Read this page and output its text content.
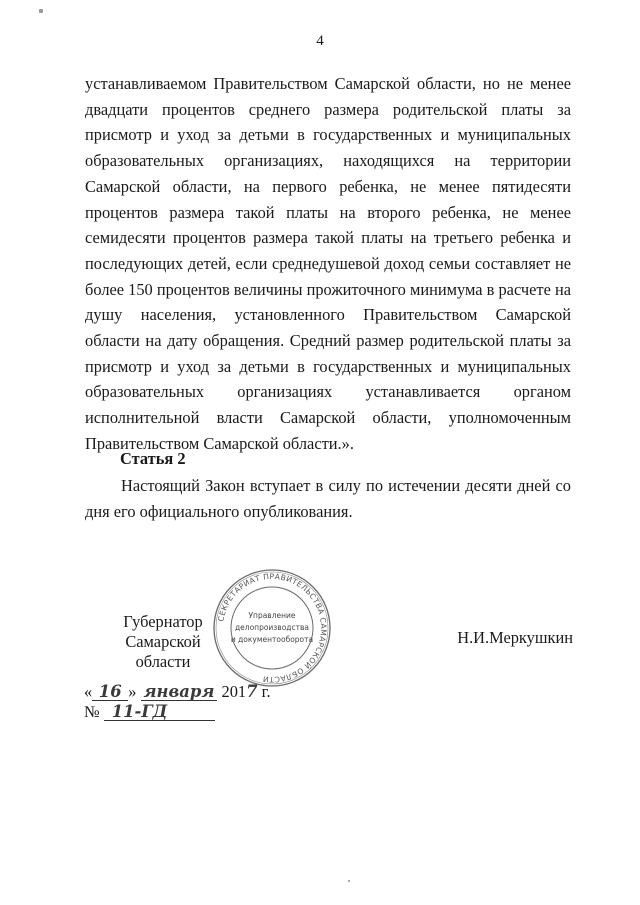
4

устанавливаемом Правительством Самарской области, но не менее двадцати процентов среднего размера родительской платы за присмотр и уход за детьми в государственных и муниципальных образовательных организациях, находящихся на территории Самарской области, на первого ребенка, не менее пятидесяти процентов размера такой платы на второго ребенка, не менее семидесяти процентов размера такой платы на третьего ребенка и последующих детей, если среднедушевой доход семьи составляет не более 150 процентов величины прожиточного минимума в расчете на душу населения, установленного Правительством Самарской области на дату обращения. Средний размер родительской платы за присмотр и уход за детьми в государственных и муниципальных образовательных организациях устанавливается органом исполнительной власти Самарской области, уполномоченным Правительством Самарской области.».

Статья 2

Настоящий Закон вступает в силу по истечении десяти дней со дня его официального опубликования.

Губернатор
Самарской области
Н.И.Меркушкин
СЕКРЕТАРИАТ ПРАВИТЕЛЬСТВА САМАРСКОЙ ОБЛАСТИ
Управление
делопроизводства
и документооборота
« 16 » января 2017 г.
№ 11-ГД
